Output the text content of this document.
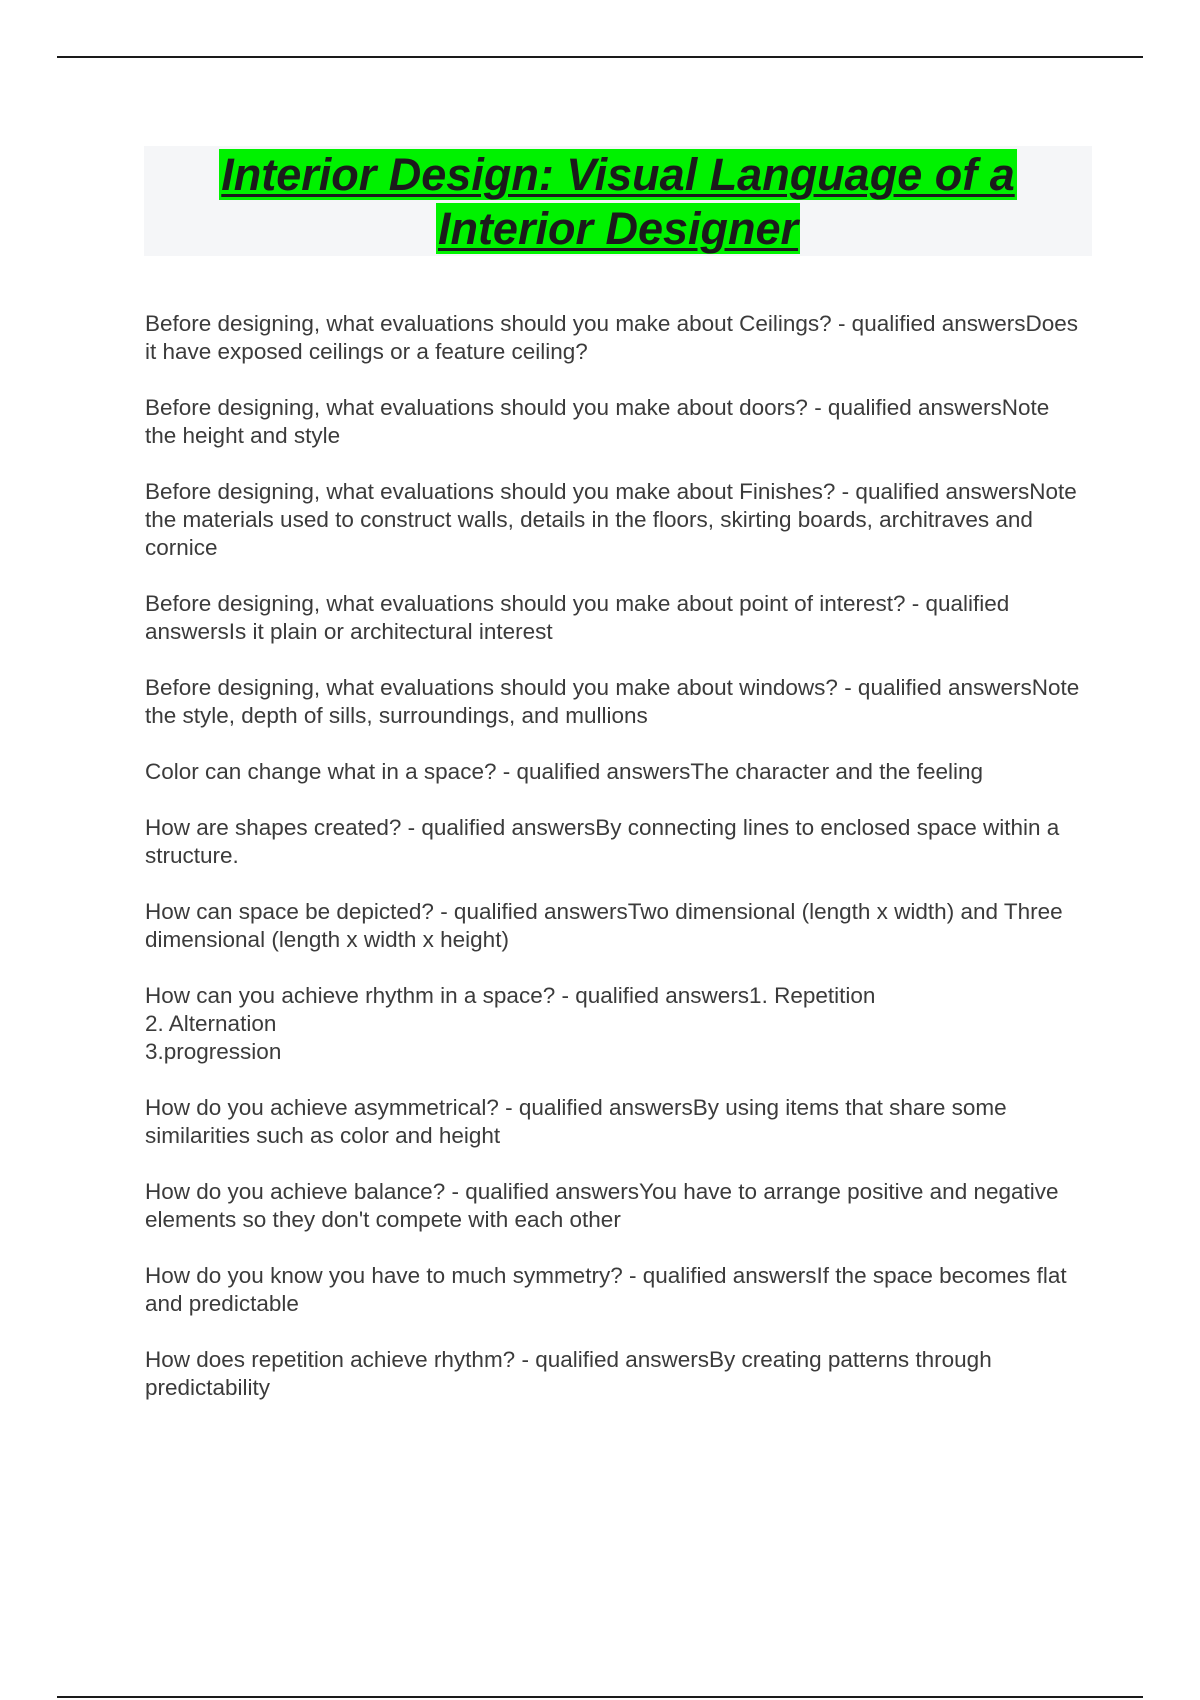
Interior Design: Visual Language of a
Interior Designer

Before designing, what evaluations should you make about Ceilings? - qualified answersDoes it have exposed ceilings or a feature ceiling?

Before designing, what evaluations should you make about doors? - qualified answersNote the height and style

Before designing, what evaluations should you make about Finishes? - qualified answersNote the materials used to construct walls, details in the floors, skirting boards, architraves and cornice

Before designing, what evaluations should you make about point of interest? - qualified answersIs it plain or architectural interest

Before designing, what evaluations should you make about windows? - qualified answersNote the style, depth of sills, surroundings, and mullions

Color can change what in a space? - qualified answersThe character and the feeling

How are shapes created? - qualified answersBy connecting lines to enclosed space within a structure.

How can space be depicted? - qualified answersTwo dimensional (length x width) and Three dimensional (length x width x height)

How can you achieve rhythm in a space? - qualified answers1. Repetition
2. Alternation
3.progression

How do you achieve asymmetrical? - qualified answersBy using items that share some similarities such as color and height

How do you achieve balance? - qualified answersYou have to arrange positive and negative elements so they don't compete with each other

How do you know you have to much symmetry? - qualified answersIf the space becomes flat and predictable

How does repetition achieve rhythm? - qualified answersBy creating patterns through predictability
